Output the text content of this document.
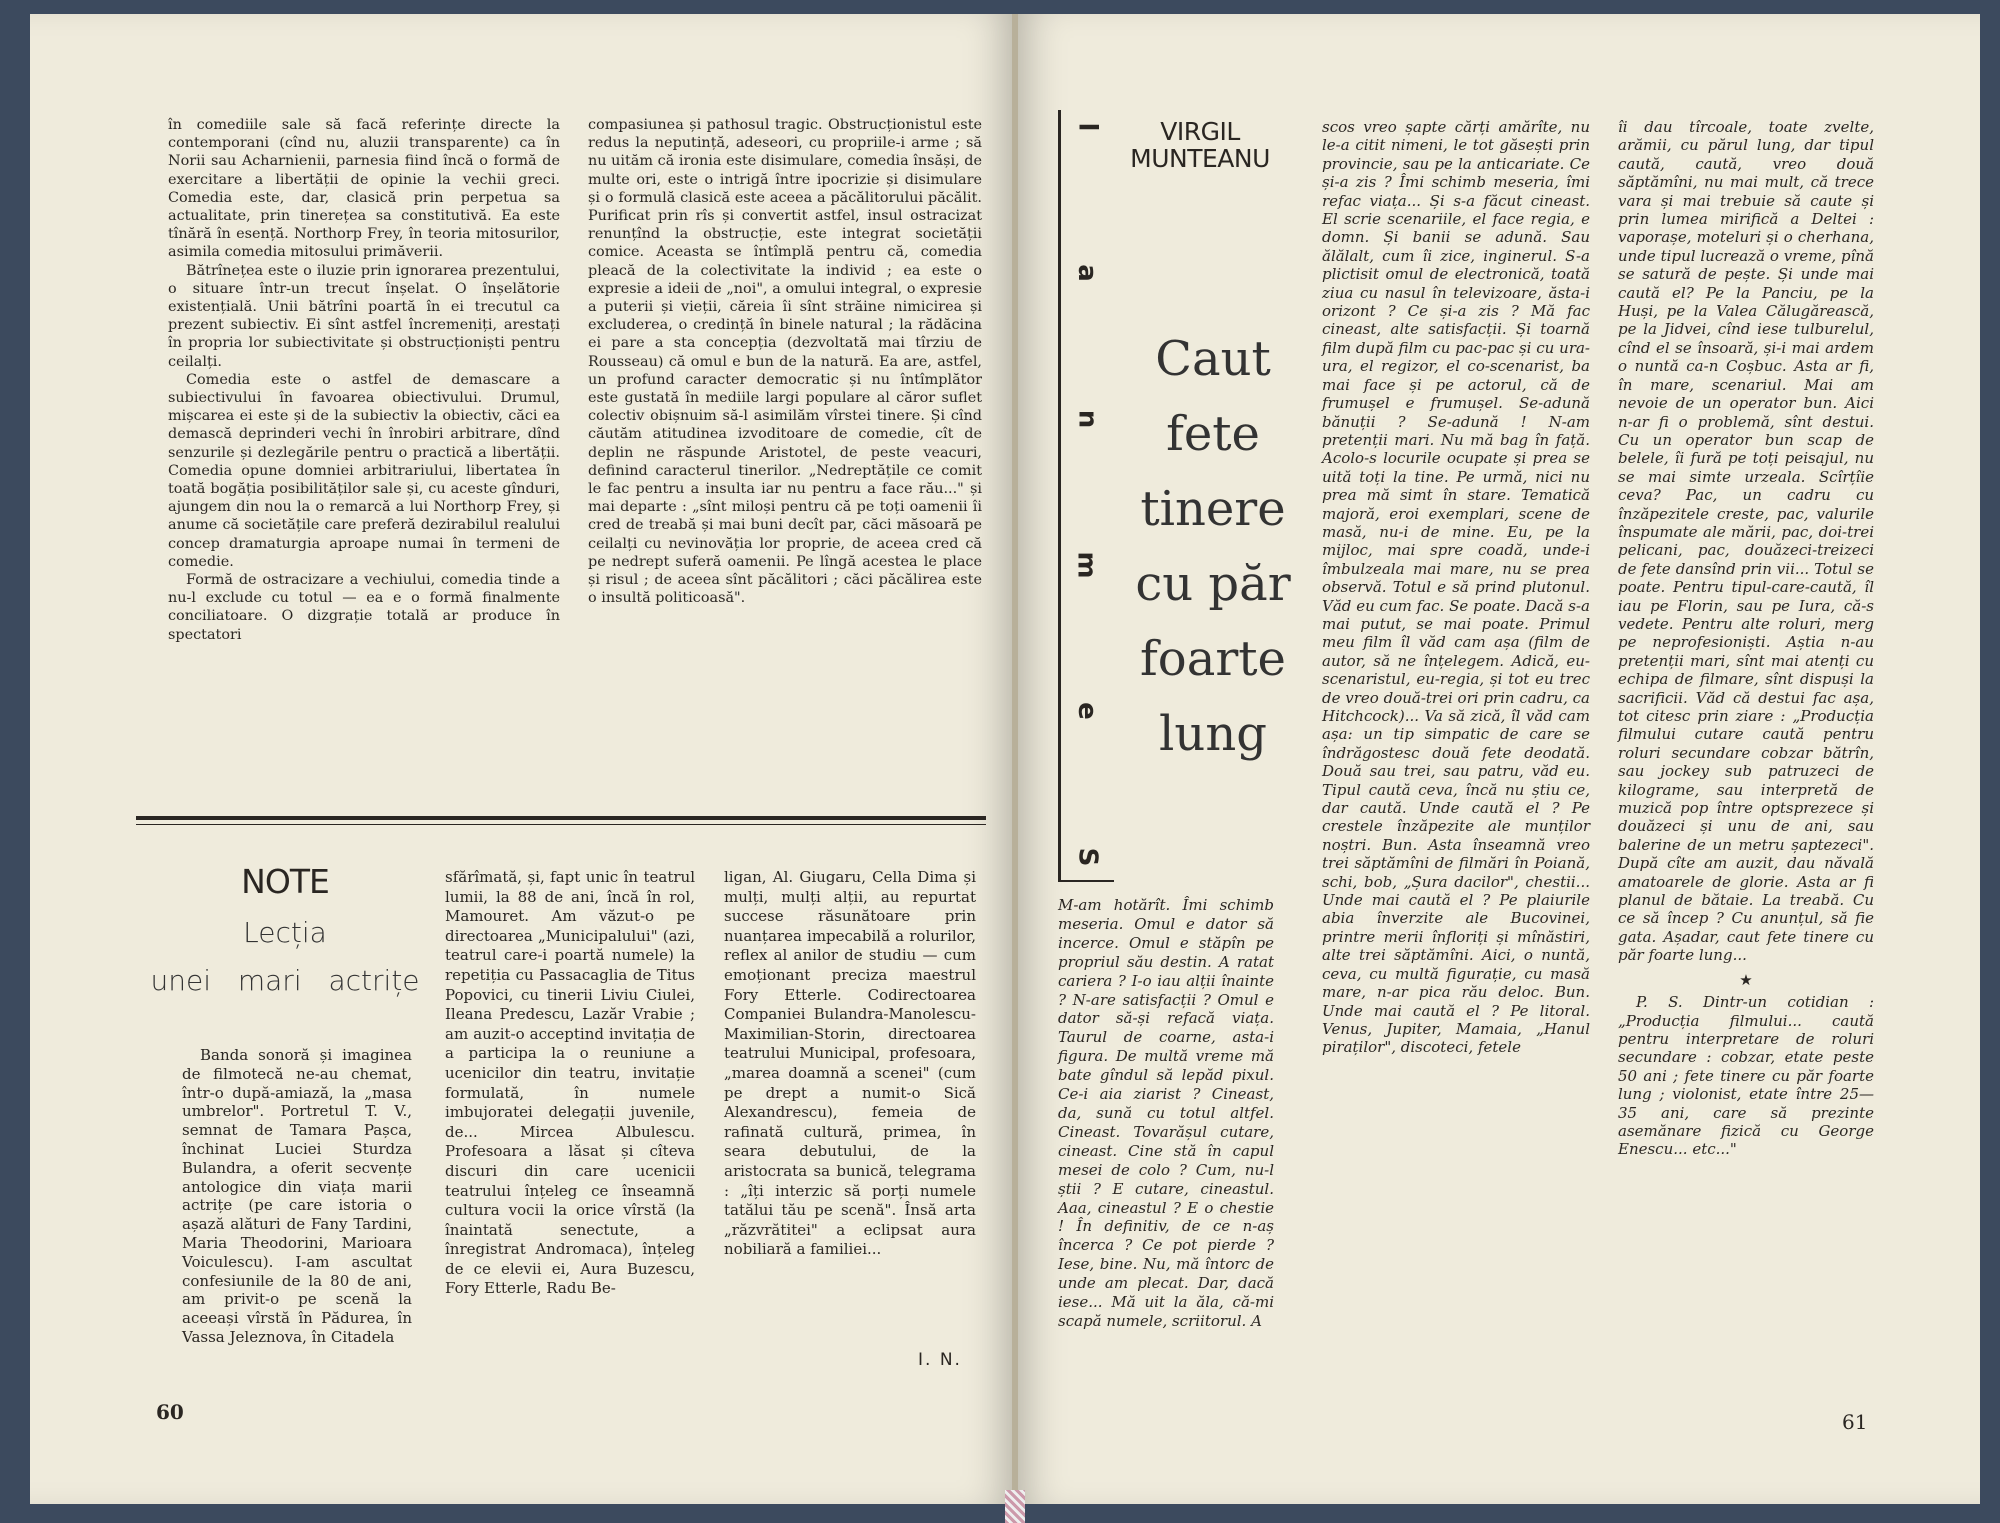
în comediile sale să facă referințe directe la contemporani (cînd nu, aluzii transparente) ca în Norii sau Acharnienii, parnesia fiind încă o formă de exercitare a libertății de opinie la vechii greci. Comedia este, dar, clasică prin perpetua sa actualitate, prin tinerețea sa constitutivă. Ea este tînără în esență. Northorp Frey, în teoria mitosurilor, asimila comedia mitosului primăverii.

Bătrînețea este o iluzie prin ignorarea prezentului, o situare într-un trecut înșelat. O înșelătorie existențială. Unii bătrîni poartă în ei trecutul ca prezent subiectiv. Ei sînt astfel încremeniți, arestați în propria lor subiectivitate și obstrucționiști pentru ceilalți.

Comedia este o astfel de demascare a subiectivului în favoarea obiectivului. Drumul, mișcarea ei este și de la subiectiv la obiectiv, căci ea demască deprinderi vechi în înrobiri arbitrare, dînd senzurile și dezlegările pentru o practică a libertății. Comedia opune domniei arbitrariului, libertatea în toată bogăția posibilităților sale și, cu aceste gînduri, ajungem din nou la o remarcă a lui Northorp Frey, și anume că societățile care preferă dezirabilul realului concep dramaturgia aproape numai în termeni de comedie.

Formă de ostracizare a vechiului, comedia tinde a nu-l exclude cu totul — ea e o formă finalmente conciliatoare. O dizgrație totală ar produce în spectatori

compasiunea și pathosul tragic. Obstrucționistul este redus la neputință, adeseori, cu propriile-i arme ; să nu uităm că ironia este disimulare, comedia însăși, de multe ori, este o intrigă între ipocrizie și disimulare și o formulă clasică este aceea a păcălitorului păcălit. Purificat prin rîs și convertit astfel, insul ostracizat renunțînd la obstrucție, este integrat societății comice. Aceasta se întîmplă pentru că, comedia pleacă de la colectivitate la individ ; ea este o expresie a ideii de „noi", a omului integral, o expresie a puterii și vieții, căreia îi sînt străine nimicirea și excluderea, o credință în binele natural ; la rădăcina ei pare a sta concepția (dezvoltată mai tîrziu de Rousseau) că omul e bun de la natură. Ea are, astfel, un profund caracter democratic și nu întîmplător este gustată în mediile largi populare al căror suflet colectiv obișnuim să-l asimilăm vîrstei tinere. Și cînd căutăm atitudinea izvoditoare de comedie, cît de deplin ne răspunde Aristotel, de peste veacuri, definind caracterul tinerilor. „Nedreptățile ce comit le fac pentru a insulta iar nu pentru a face rău..." și mai departe : „sînt miloși pentru că pe toți oamenii îi cred de treabă și mai buni decît par, căci măsoară pe ceilalți cu nevinovăția lor proprie, de aceea cred că pe nedrept suferă oamenii. Pe lîngă acestea le place și risul ; de aceea sînt păcălitori ; căci păcălirea este o insultă politicoasă".

NOTE
Lecția
unei mari actrițe

Banda sonoră și imaginea de filmotecă ne-au chemat, într-o după-amiază, la „masa umbrelor". Portretul T. V., semnat de Tamara Pașca, închinat Luciei Sturdza Bulandra, a oferit secvențe antologice din viața marii actrițe (pe care istoria o așază alături de Fany Tardini, Maria Theodorini, Marioara Voiculescu). I-am ascultat confesiunile de la 80 de ani, am privit-o pe scenă la aceeași vîrstă în Pădurea, în Vassa Jeleznova, în Citadela

sfărîmată, și, fapt unic în teatrul lumii, la 88 de ani, încă în rol, Mamouret. Am văzut-o pe directoarea „Municipalului" (azi, teatrul care-i poartă numele) la repetiția cu Passacaglia de Titus Popovici, cu tinerii Liviu Ciulei, Ileana Predescu, Lazăr Vrabie ; am auzit-o acceptind invitația de a participa la o reuniune a ucenicilor din teatru, invitație formulată, în numele imbujoratei delegații juvenile, de... Mircea Albulescu. Profesoara a lăsat și cîteva discuri din care ucenicii teatrului înțeleg ce înseamnă cultura vocii la orice vîrstă (la înaintată senectute, a înregistrat Andromaca), înțeleg de ce elevii ei, Aura Buzescu, Fory Etterle, Radu Be-

ligan, Al. Giugaru, Cella Dima și mulți, mulți alții, au repurtat succese răsunătoare prin nuanțarea impecabilă a rolurilor, reflex al anilor de studiu — cum emoționant preciza maestrul Fory Etterle. Codirectoarea Companiei Bulandra-Manolescu-Maximilian-Storin, directoarea teatrului Municipal, profesoara, „marea doamnă a scenei" (cum pe drept a numit-o Sică Alexandrescu), femeia de rafinată cultură, primea, în seara debutului, de la aristocrata sa bunică, telegrama : „îți interzic să porți numele tatălui tău pe scenă". Însă arta „răzvrătitei" a eclipsat aura nobiliară a familiei...

I. N.
60
l
a
n
m
e
S
VIRGIL
MUNTEANU
Caut
fete
tinere
cu păr
foarte
lung

M-am hotărît. Îmi schimb meseria. Omul e dator să incerce. Omul e stăpîn pe propriul său destin. A ratat cariera ? I-o iau alții înainte ? N-are satisfacții ? Omul e dator să-și refacă viața. Taurul de coarne, asta-i figura. De multă vreme mă bate gîndul să lepăd pixul. Ce-i aia ziarist ? Cineast, da, sună cu totul altfel. Cineast. Tovarășul cutare, cineast. Cine stă în capul mesei de colo ? Cum, nu-l știi ? E cutare, cineastul. Aaa, cineastul ? E o chestie ! În definitiv, de ce n-aș încerca ? Ce pot pierde ? Iese, bine. Nu, mă întorc de unde am plecat. Dar, dacă iese... Mă uit la ăla, că-mi scapă numele, scriitorul. A

scos vreo șapte cărți amărîte, nu le-a citit nimeni, le tot găsești prin provincie, sau pe la anticariate. Ce și-a zis ? Îmi schimb meseria, îmi refac viața... Și s-a făcut cineast. El scrie scenariile, el face regia, e domn. Și banii se adună. Sau ălălalt, cum îi zice, inginerul. S-a plictisit omul de electronică, toată ziua cu nasul în televizoare, ăsta-i orizont ? Ce și-a zis ? Mă fac cineast, alte satisfacții. Și toarnă film după film cu pac-pac și cu ura-ura, el regizor, el co-scenarist, ba mai face și pe actorul, că de frumușel e frumușel. Se-adună bănuții ? Se-adună ! N-am pretenții mari. Nu mă bag în față. Acolo-s locurile ocupate și prea se uită toți la tine. Pe urmă, nici nu prea mă simt în stare. Tematică majoră, eroi exemplari, scene de masă, nu-i de mine. Eu, pe la mijloc, mai spre coadă, unde-i îmbulzeala mai mare, nu se prea observă. Totul e să prind plutonul. Văd eu cum fac. Se poate. Dacă s-a mai putut, se mai poate. Primul meu film îl văd cam așa (film de autor, să ne înțelegem. Adică, eu-scenaristul, eu-regia, și tot eu trec de vreo două-trei ori prin cadru, ca Hitchcock)... Va să zică, îl văd cam așa: un tip simpatic de care se îndrăgostesc două fete deodată. Două sau trei, sau patru, văd eu. Tipul caută ceva, încă nu știu ce, dar caută. Unde caută el ? Pe crestele înzăpezite ale munților noștri. Bun. Asta înseamnă vreo trei săptămîni de filmări în Poiană, schi, bob, „Șura dacilor", chestii... Unde mai caută el ? Pe plaiurile abia înverzite ale Bucovinei, printre merii înfloriți și mînăstiri, alte trei săptămîni. Aici, o nuntă, ceva, cu multă figurație, cu masă mare, n-ar pica rău deloc. Bun. Unde mai caută el ? Pe litoral. Venus, Jupiter, Mamaia, „Hanul piraților", discoteci, fetele

îi dau tîrcoale, toate zvelte, arămii, cu părul lung, dar tipul caută, caută, vreo două săptămîni, nu mai mult, că trece vara și mai trebuie să caute și prin lumea mirifică a Deltei : vaporașe, moteluri și o cherhana, unde tipul lucrează o vreme, pînă se satură de pește. Și unde mai caută el? Pe la Panciu, pe la Huși, pe la Valea Călugărească, pe la Jidvei, cînd iese tulburelul, cînd el se însoară, și-i mai ardem o nuntă ca-n Coșbuc. Asta ar fi, în mare, scenariul. Mai am nevoie de un operator bun. Aici n-ar fi o problemă, sînt destui. Cu un operator bun scap de belele, îi fură pe toți peisajul, nu se mai simte urzeala. Scîrțîie ceva? Pac, un cadru cu înzăpezitele creste, pac, valurile înspumate ale mării, pac, doi-trei pelicani, pac, douăzeci-treizeci de fete dansînd prin vii... Totul se poate. Pentru tipul-care-caută, îl iau pe Florin, sau pe Iura, că-s vedete. Pentru alte roluri, merg pe neprofesioniști. Aștia n-au pretenții mari, sînt mai atenți cu echipa de filmare, sînt dispuși la sacrificii. Văd că destui fac așa, tot citesc prin ziare : „Producția filmului cutare caută pentru roluri secundare cobzar bătrîn, sau jockey sub patruzeci de kilograme, sau interpretă de muzică pop între optsprezece și douăzeci și unu de ani, sau balerine de un metru șaptezeci". După cîte am auzit, dau năvală amatoarele de glorie. Asta ar fi planul de bătaie. La treabă. Cu ce să încep ? Cu anunțul, să fie gata. Așadar, caut fete tinere cu păr foarte lung...

★

P. S. Dintr-un cotidian : „Producția filmului... caută pentru interpretare de roluri secundare : cobzar, etate peste 50 ani ; fete tinere cu păr foarte lung ; violonist, etate între 25—35 ani, care să prezinte asemănare fizică cu George Enescu... etc..."

61
